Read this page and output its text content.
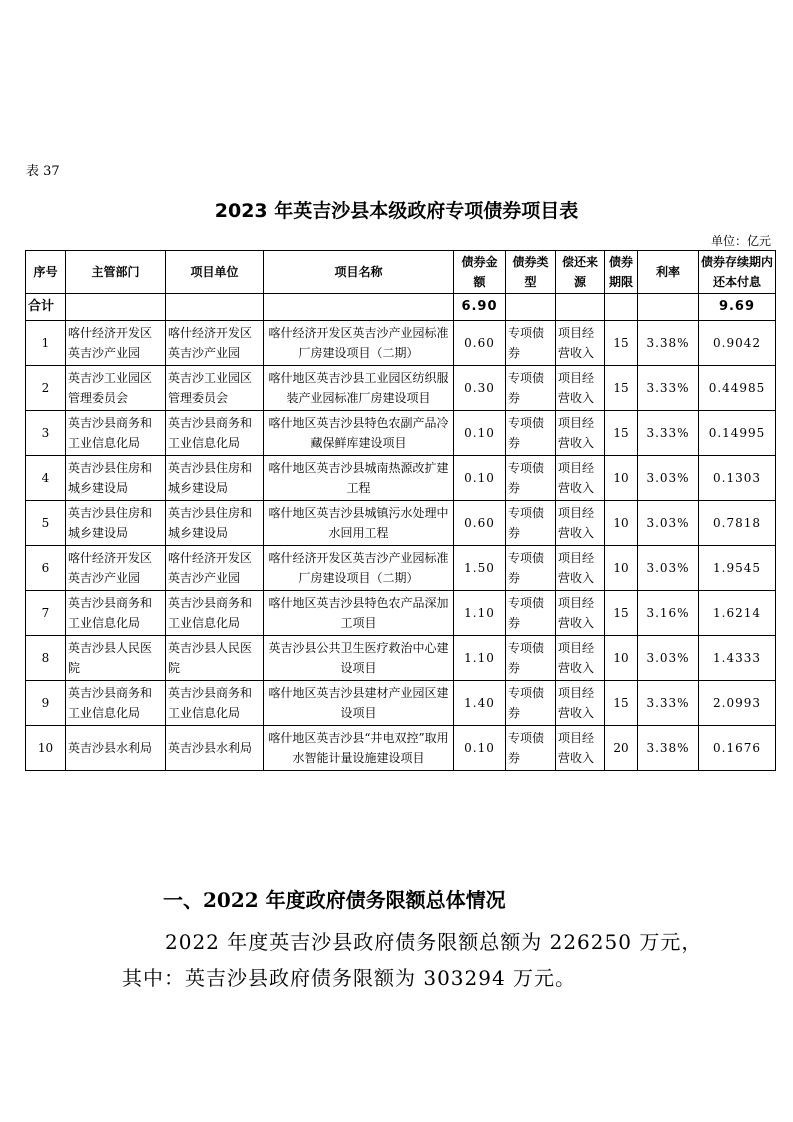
表 37
2023 年英吉沙县本级政府专项债券项目表
单位：亿元
序号	主管部门	项目单位	项目名称	债券金额	债券类型	偿还来源	债券期限	利率	债券存续期内还本付息
合计				6.90					9.69
1	喀什经济开发区英吉沙产业园	喀什经济开发区英吉沙产业园	喀什经济开发区英吉沙产业园标准厂房建设项目（二期）	0.60	专项债券	项目经营收入	15	3.38%	0.9042
2	英吉沙工业园区管理委员会	英吉沙工业园区管理委员会	喀什地区英吉沙县工业园区纺织服装产业园标准厂房建设项目	0.30	专项债券	项目经营收入	15	3.33%	0.44985
3	英吉沙县商务和工业信息化局	英吉沙县商务和工业信息化局	喀什地区英吉沙县特色农副产品冷藏保鲜库建设项目	0.10	专项债券	项目经营收入	15	3.33%	0.14995
4	英吉沙县住房和城乡建设局	英吉沙县住房和城乡建设局	喀什地区英吉沙县城南热源改扩建工程	0.10	专项债券	项目经营收入	10	3.03%	0.1303
5	英吉沙县住房和城乡建设局	英吉沙县住房和城乡建设局	喀什地区英吉沙县城镇污水处理中水回用工程	0.60	专项债券	项目经营收入	10	3.03%	0.7818
6	喀什经济开发区英吉沙产业园	喀什经济开发区英吉沙产业园	喀什经济开发区英吉沙产业园标准厂房建设项目（二期）	1.50	专项债券	项目经营收入	10	3.03%	1.9545
7	英吉沙县商务和工业信息化局	英吉沙县商务和工业信息化局	喀什地区英吉沙县特色农产品深加工项目	1.10	专项债券	项目经营收入	15	3.16%	1.6214
8	英吉沙县人民医院	英吉沙县人民医院	英吉沙县公共卫生医疗救治中心建设项目	1.10	专项债券	项目经营收入	10	3.03%	1.4333
9	英吉沙县商务和工业信息化局	英吉沙县商务和工业信息化局	喀什地区英吉沙县建材产业园区建设项目	1.40	专项债券	项目经营收入	15	3.33%	2.0993
10	英吉沙县水利局	英吉沙县水利局	喀什地区英吉沙县“井电双控”取用水智能计量设施建设项目	0.10	专项债券	项目经营收入	20	3.38%	0.1676
一、2022 年度政府债务限额总体情况
2022 年度英吉沙县政府债务限额总额为 226250 万元，
其中：英吉沙县政府债务限额为 303294 万元。
